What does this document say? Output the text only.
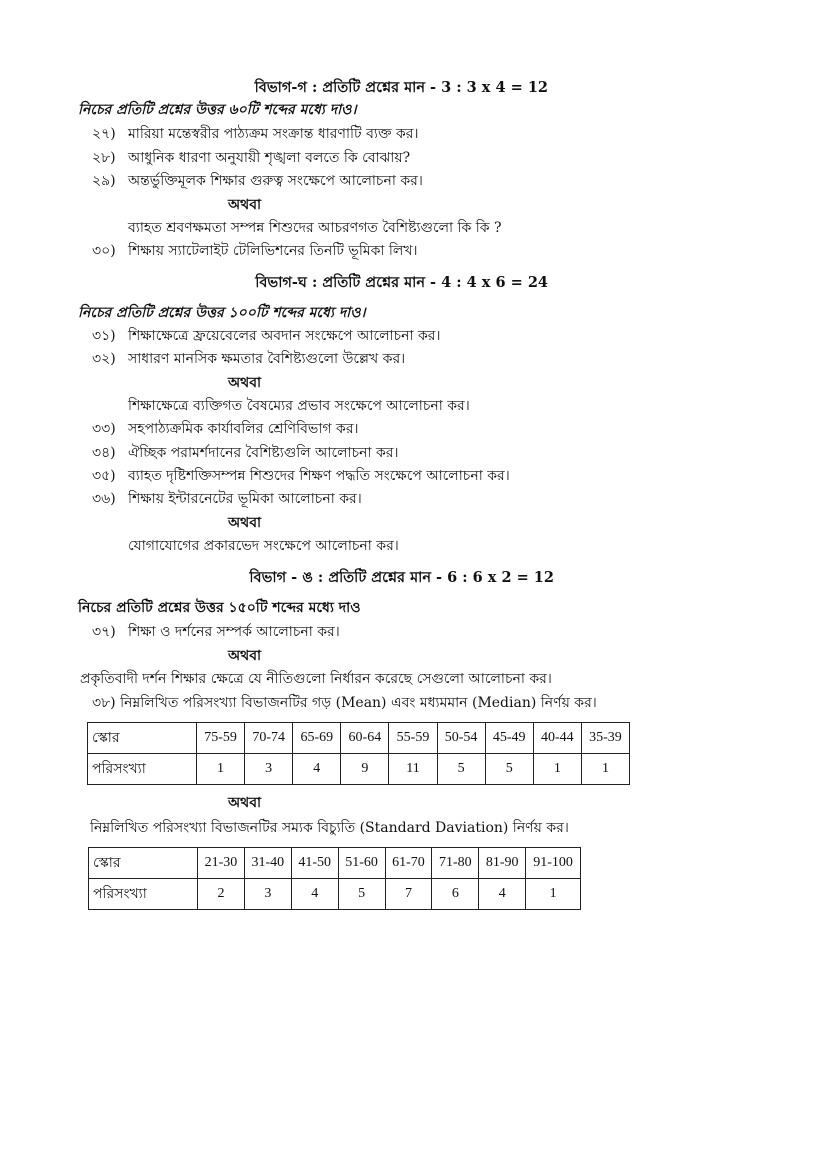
বিভাগ-গ : প্রতিটি প্রশ্নের মান - 3 : 3 x 4 = 12
নিচের প্রতিটি প্রশ্নের উত্তর ৬০টি শব্দের মধ্যে দাও।
২৭) মারিয়া মন্তেস্বরীর পাঠ্যক্রম সংক্রান্ত ধারণাটি ব্যক্ত কর।
২৮) আধুনিক ধারণা অনুযায়ী শৃঙ্খলা বলতে কি বোঝায়?
২৯) অন্তর্ভুক্তিমূলক শিক্ষার গুরুত্ব সংক্ষেপে আলোচনা কর।
অথবা
ব্যাহত শ্রবণক্ষমতা সম্পন্ন শিশুদের আচরণগত বৈশিষ্ট্যগুলো কি কি ?
৩০) শিক্ষায় স্যাটেলাইট টেলিভিশনের তিনটি ভূমিকা লিখ।
বিভাগ-ঘ : প্রতিটি প্রশ্নের মান - 4 : 4 x 6 = 24
নিচের প্রতিটি প্রশ্নের উত্তর ১০০টি শব্দের মধ্যে দাও।
৩১) শিক্ষাক্ষেত্রে ফ্রয়েবেলের অবদান সংক্ষেপে আলোচনা কর।
৩২) সাধারণ মানসিক ক্ষমতার বৈশিষ্ট্যগুলো উল্লেখ কর।
অথবা
শিক্ষাক্ষেত্রে ব্যক্তিগত বৈষম্যের প্রভাব সংক্ষেপে আলোচনা কর।
৩৩) সহপাঠ্যক্রমিক কার্যাবলির শ্রেণিবিভাগ কর।
৩৪) ঐচ্ছিক পরামর্শদানের বৈশিষ্ট্যগুলি আলোচনা কর।
৩৫) ব্যাহত দৃষ্টিশক্তিসম্পন্ন শিশুদের শিক্ষণ পদ্ধতি সংক্ষেপে আলোচনা কর।
৩৬) শিক্ষায় ইন্টারনেটের ভূমিকা আলোচনা কর।
অথবা
যোগাযোগের প্রকারভেদ সংক্ষেপে আলোচনা কর।
বিভাগ - ঙ : প্রতিটি প্রশ্নের মান - 6 : 6 x 2 = 12
নিচের প্রতিটি প্রশ্নের উত্তর ১৫০টি শব্দের মধ্যে দাও
৩৭) শিক্ষা ও দর্শনের সম্পর্ক আলোচনা কর।
অথবা
প্রকৃতিবাদী দর্শন শিক্ষার ক্ষেত্রে যে নীতিগুলো নির্ধারন করেছে সেগুলো আলোচনা কর।
৩৮) নিম্নলিখিত পরিসংখ্যা বিভাজনটির গড় (Mean) এবং মধ্যমমান (Median) নির্ণয় কর।
স্কোর	75-59	70-74	65-69	60-64	55-59	50-54	45-49	40-44	35-39
পরিসংখ্যা	1	3	4	9	11	5	5	1	1
অথবা
নিম্নলিখিত পরিসংখ্যা বিভাজনটির সম্যক বিচ্যুতি (Standard Daviation) নির্ণয় কর।
স্কোর	21-30	31-40	41-50	51-60	61-70	71-80	81-90	91-100
পরিসংখ্যা	2	3	4	5	7	6	4	1
